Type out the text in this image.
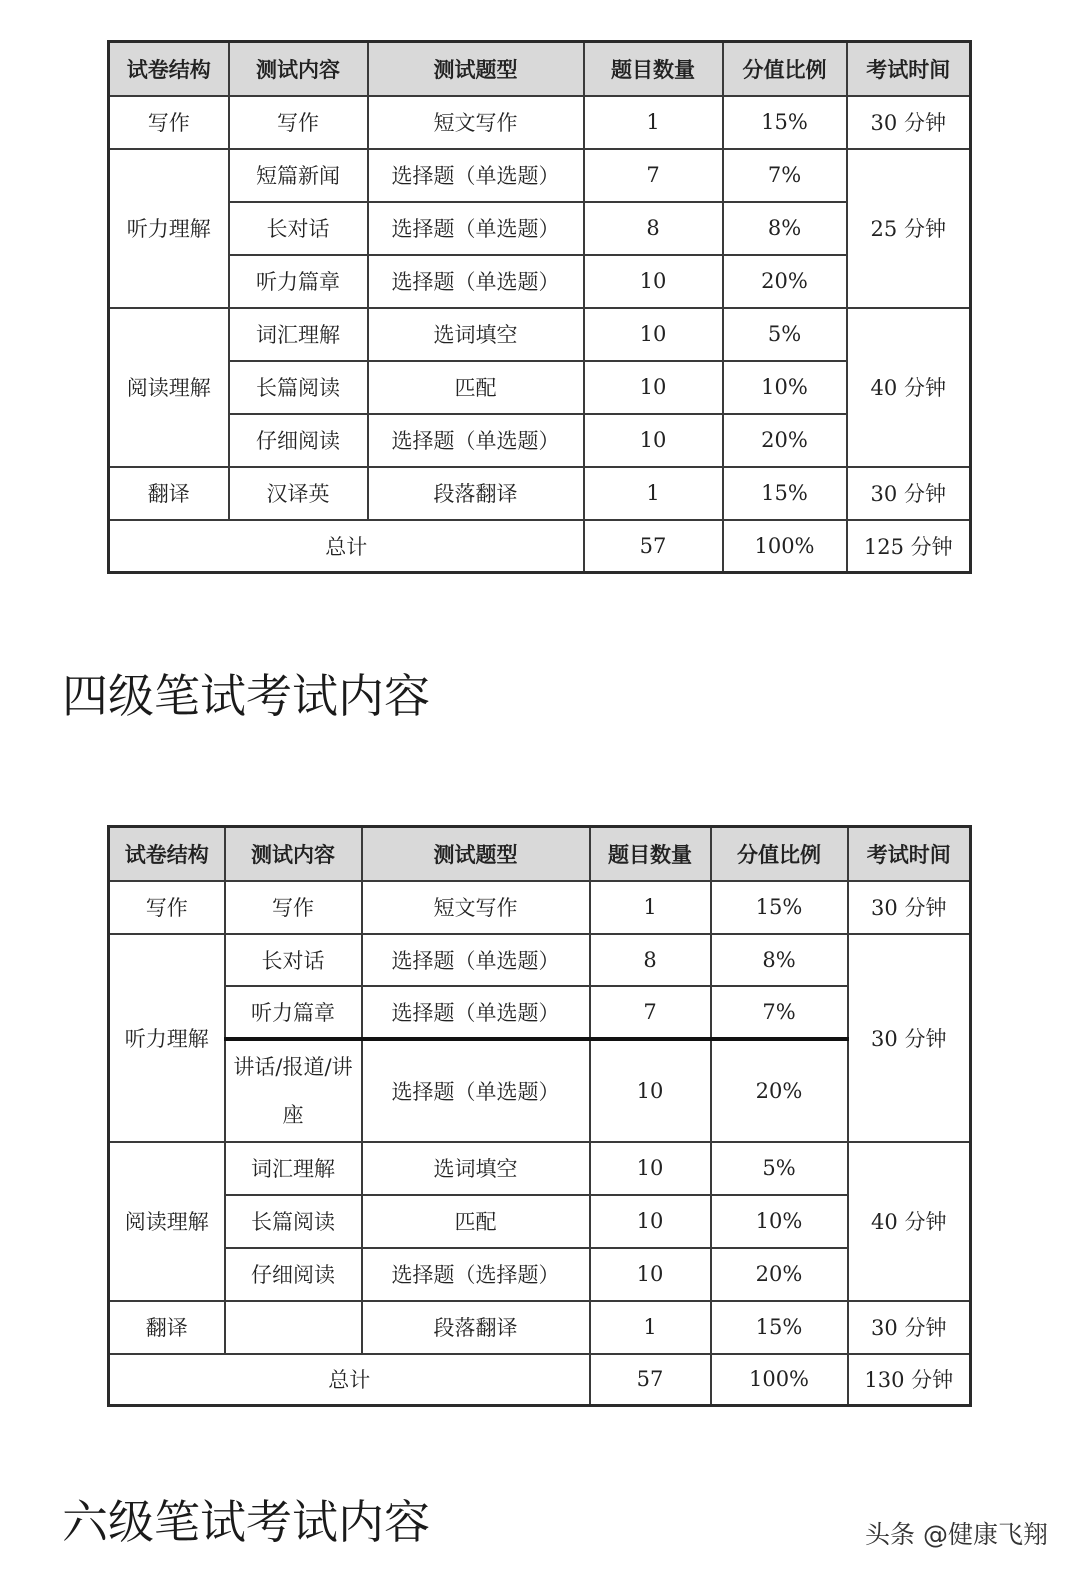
试卷结构	测试内容	测试题型	题目数量	分值比例	考试时间
写作	写作	短文写作	1	15%	30 分钟
听力理解	短篇新闻	选择题（单选题）	7	7%	25 分钟
	长对话	选择题（单选题）	8	8%	
	听力篇章	选择题（单选题）	10	20%	
阅读理解	词汇理解	选词填空	10	5%	40 分钟
	长篇阅读	匹配	10	10%	
	仔细阅读	选择题（单选题）	10	20%	
翻译	汉译英	段落翻译	1	15%	30 分钟
总计			57	100%	125 分钟
四级笔试考试内容
试卷结构	测试内容	测试题型	题目数量	分值比例	考试时间
写作	写作	短文写作	1	15%	30 分钟
听力理解	长对话	选择题（单选题）	8	8%	30 分钟
	听力篇章	选择题（单选题）	7	7%	
	讲话/报道/讲座	选择题（单选题）	10	20%	
阅读理解	词汇理解	选词填空	10	5%	40 分钟
	长篇阅读	匹配	10	10%	
	仔细阅读	选择题（选择题）	10	20%	
翻译		段落翻译	1	15%	30 分钟
总计			57	100%	130 分钟
六级笔试考试内容	头条 @健康飞翔
